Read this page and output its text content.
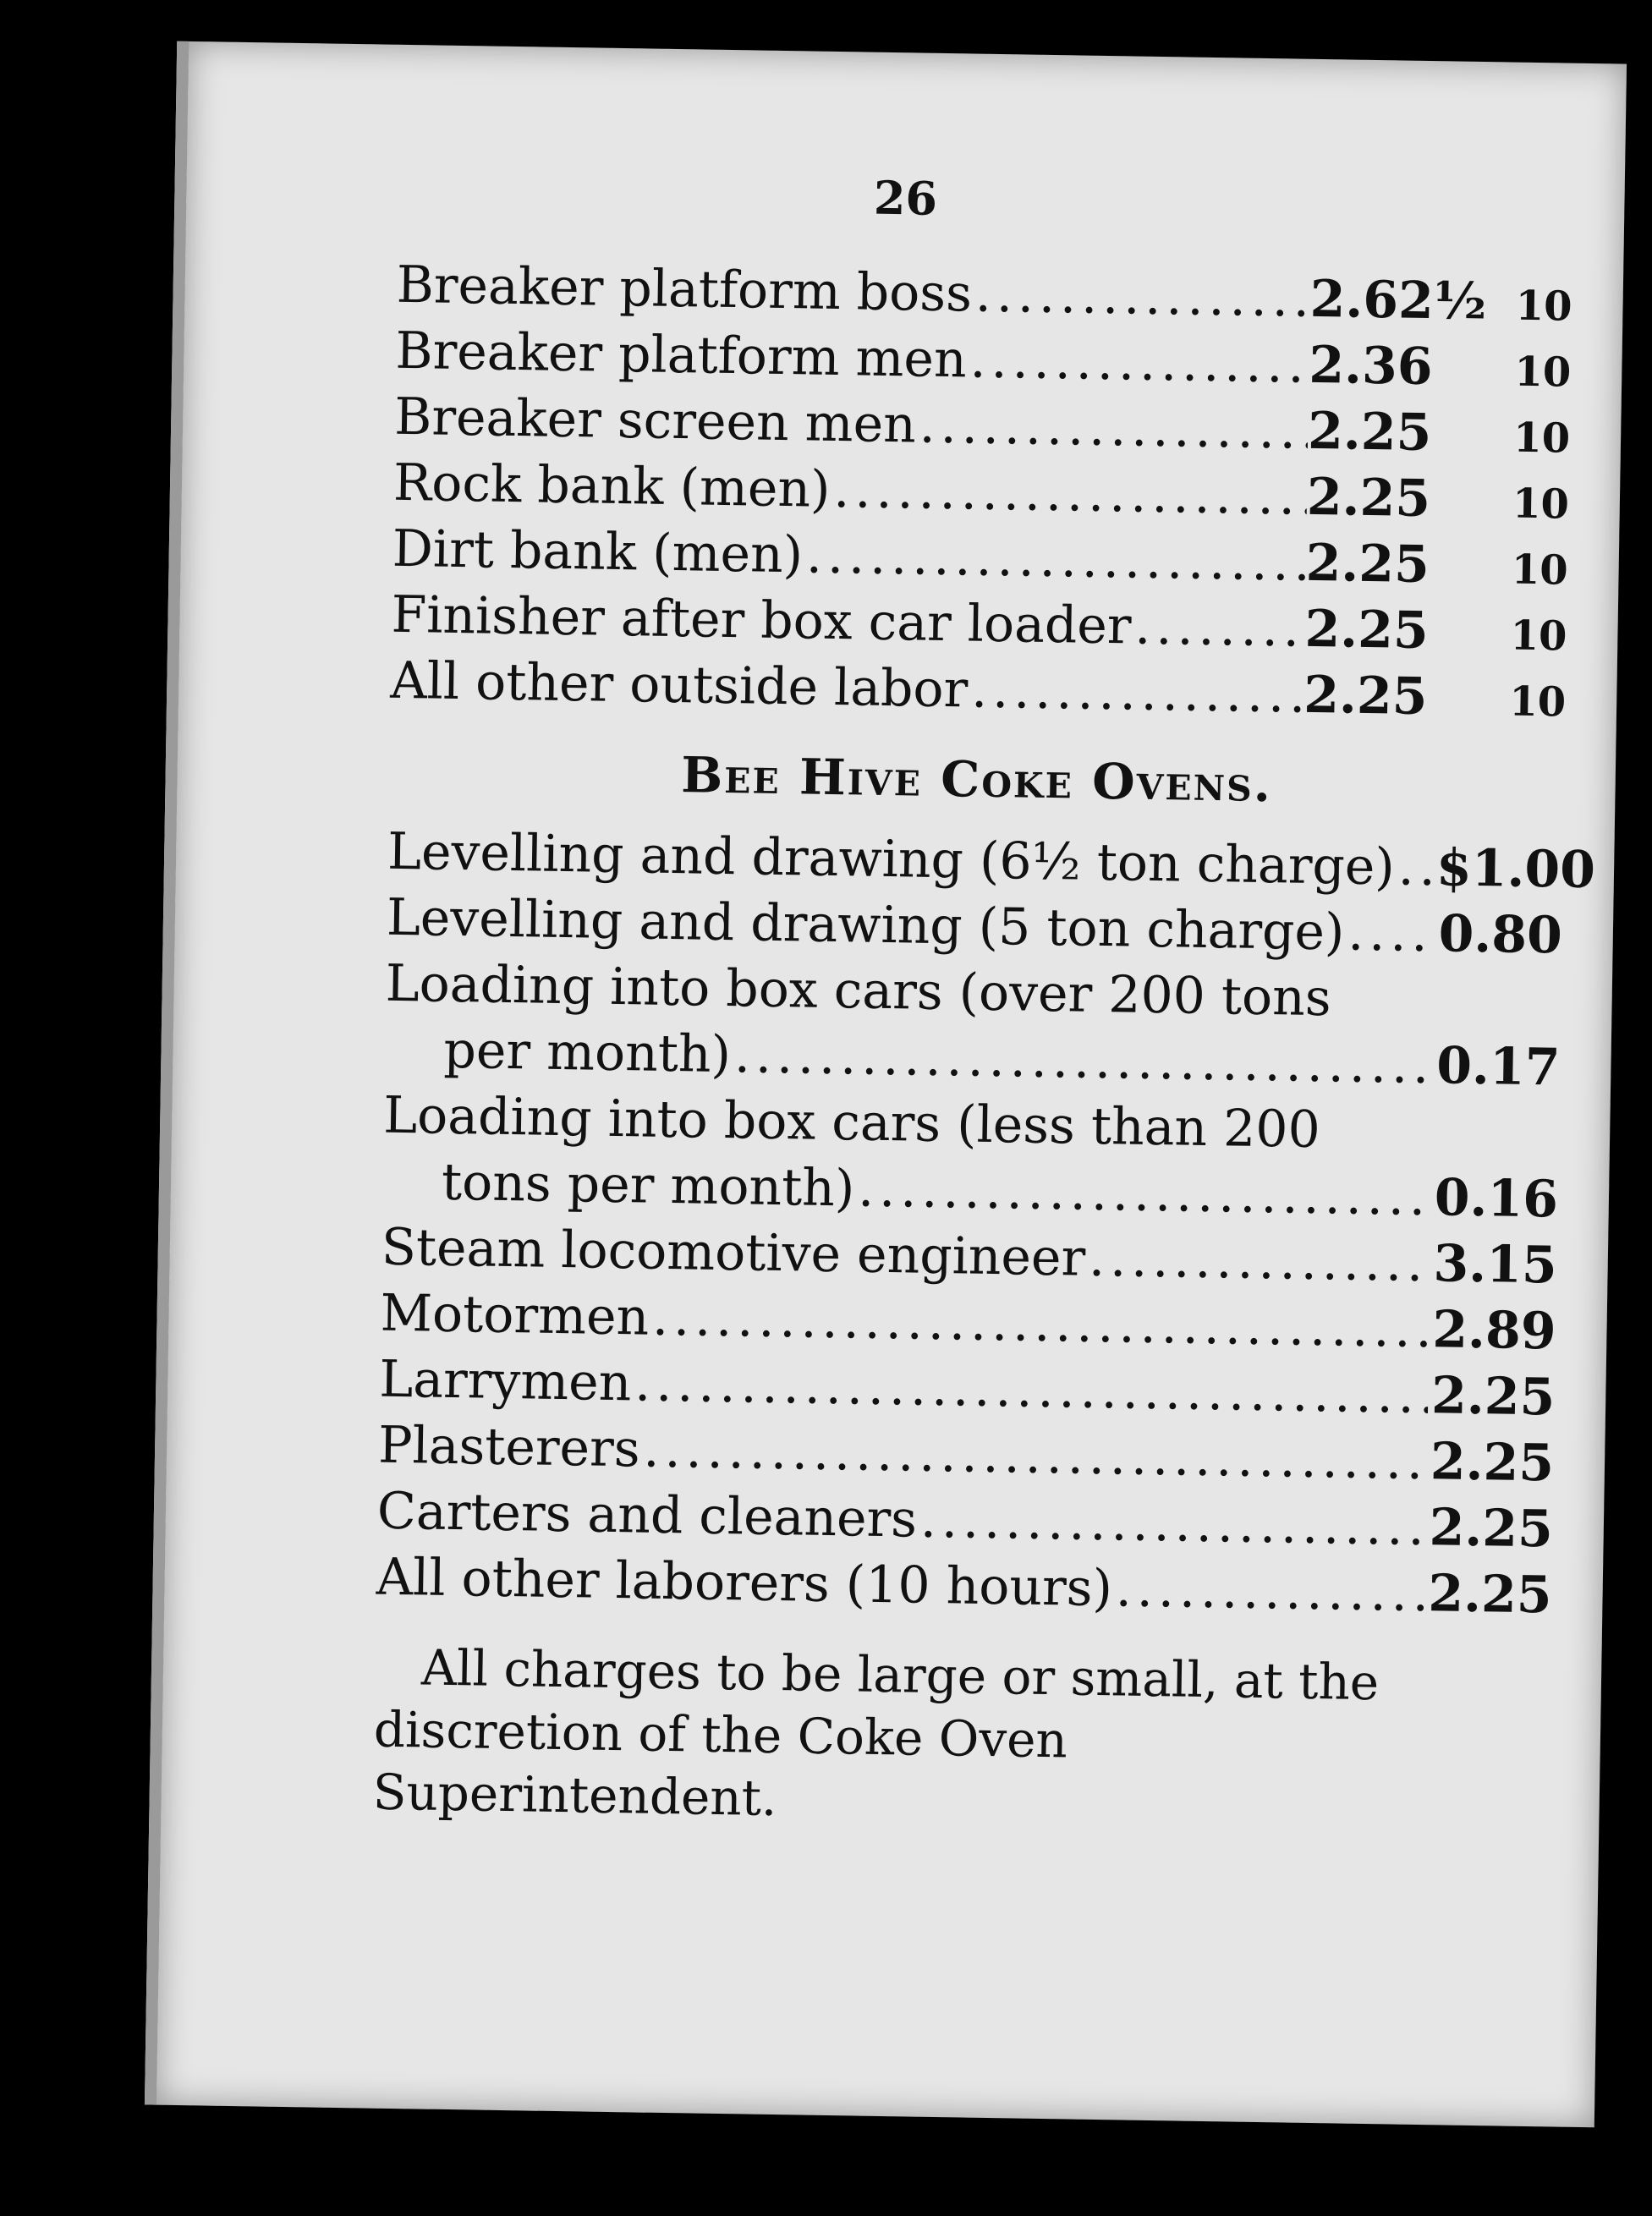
26
Breaker platform boss .....	2.62½ 10
Breaker platform men .....	2.36	10
Breaker screen men .....	2.25	10
Rock bank (men) .....	2.25	10
Dirt bank (men) .....	2.25	10
Finisher after box car loader .....	2.25	10
All other outside labor .....	2.25	10
Bee Hive Coke Ovens.
Levelling and drawing (6½ ton charge) ..... $1.00
Levelling and drawing (5 ton charge) ..... 0.80
Loading into box cars (over 200 tons
per month) .....	0.17
Loading into box cars (less than 200
tons per month) .....	0.16
Steam locomotive engineer .....	3.15
Motormen .....	2.89
Larrymen .....	2.25
Plasterers .....	2.25
Carters and cleaners .....	2.25
All other laborers (10 hours) .....	2.25

All charges to be large or small, at the discretion of the Coke Oven Superintendent.
